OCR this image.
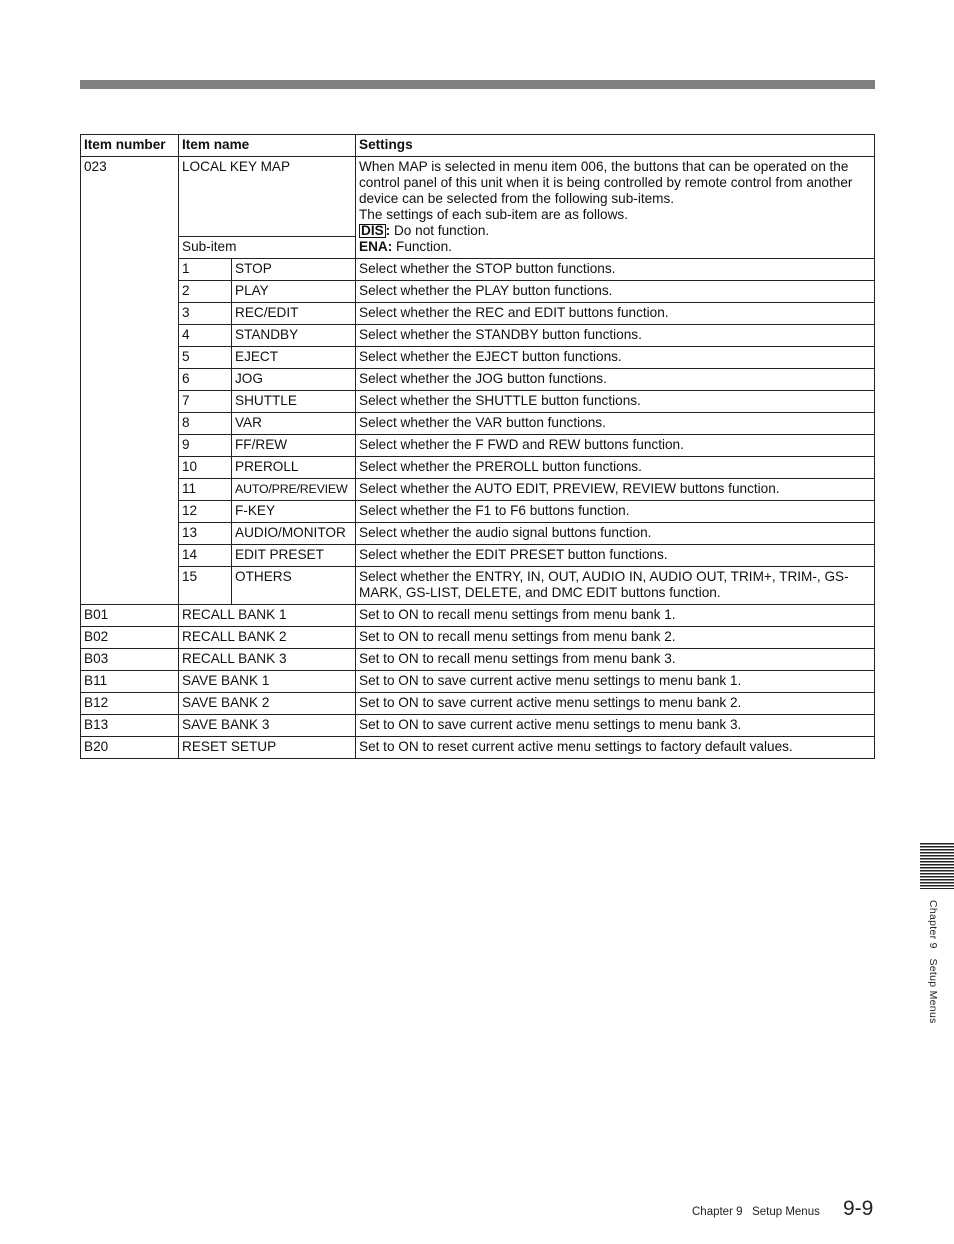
Item number	Item name		Settings
023	LOCAL KEY MAP		When MAP is selected in menu item 006, the buttons that can be operated on the control panel of this unit when it is being controlled by remote control from another device can be selected from the following sub-items.
The settings of each sub-item are as follows.
DIS : Do not function.
ENA: Function.
	Sub-item		
	1	STOP	Select whether the STOP button functions.
	2	PLAY	Select whether the PLAY button functions.
	3	REC/EDIT	Select whether the REC and EDIT buttons function.
	4	STANDBY	Select whether the STANDBY button functions.
	5	EJECT	Select whether the EJECT button functions.
	6	JOG	Select whether the JOG button functions.
	7	SHUTTLE	Select whether the SHUTTLE button functions.
	8	VAR	Select whether the VAR button functions.
	9	FF/REW	Select whether the F FWD and REW buttons function.
	10	PREROLL	Select whether the PREROLL button functions.
	11	AUTO/PRE/REVIEW	Select whether the AUTO EDIT, PREVIEW, REVIEW buttons function.
	12	F-KEY	Select whether the F1 to F6 buttons function.
	13	AUDIO/MONITOR	Select whether the audio signal buttons function.
	14	EDIT PRESET	Select whether the EDIT PRESET button functions.
	15	OTHERS	Select whether the ENTRY, IN, OUT, AUDIO IN, AUDIO OUT, TRIM+, TRIM-, GS-MARK, GS-LIST, DELETE, and DMC EDIT buttons function.
B01	RECALL BANK 1		Set to ON to recall menu settings from menu bank 1.
B02	RECALL BANK 2		Set to ON to recall menu settings from menu bank 2.
B03	RECALL BANK 3		Set to ON to recall menu settings from menu bank 3.
B11	SAVE BANK 1		Set to ON to save current active menu settings to menu bank 1.
B12	SAVE BANK 2		Set to ON to save current active menu settings to menu bank 2.
B13	SAVE BANK 3		Set to ON to save current active menu settings to menu bank 3.
B20	RESET SETUP		Set to ON to reset current active menu settings to factory default values.
Chapter 9   Setup Menus
Chapter 9   Setup Menus 9-9
